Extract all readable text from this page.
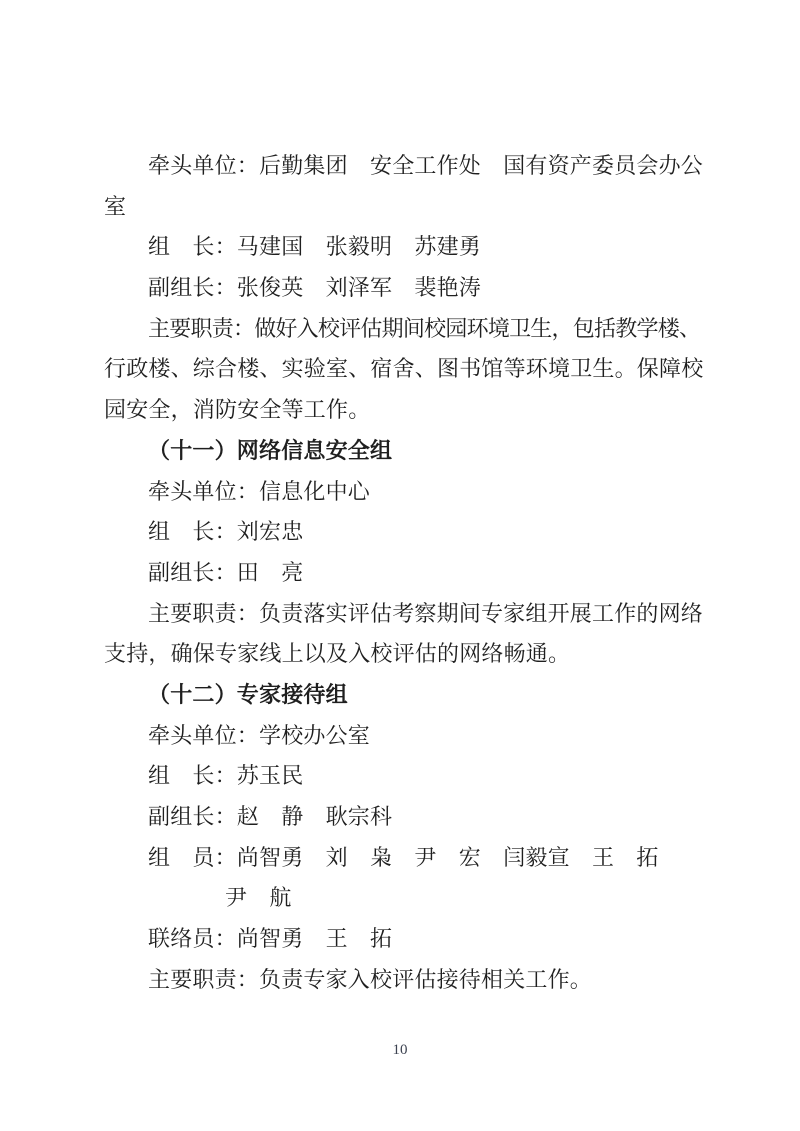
牵头单位：后勤集团　安全工作处　国有资产委员会办公
室
组　长：马建国　张毅明　苏建勇
副组长：张俊英　刘泽军　裴艳涛
主要职责：做好入校评估期间校园环境卫生，包括教学楼、
行政楼、综合楼、实验室、宿舍、图书馆等环境卫生。保障校
园安全，消防安全等工作。
（十一）网络信息安全组
牵头单位：信息化中心
组　长：刘宏忠
副组长：田　亮
主要职责：负责落实评估考察期间专家组开展工作的网络
支持，确保专家线上以及入校评估的网络畅通。
（十二）专家接待组
牵头单位：学校办公室
组　长：苏玉民
副组长：赵　静　耿宗科
组　员：尚智勇　刘　枭　尹　宏　闫毅宣　王　拓
尹　航
联络员：尚智勇　王　拓
主要职责：负责专家入校评估接待相关工作。
10
